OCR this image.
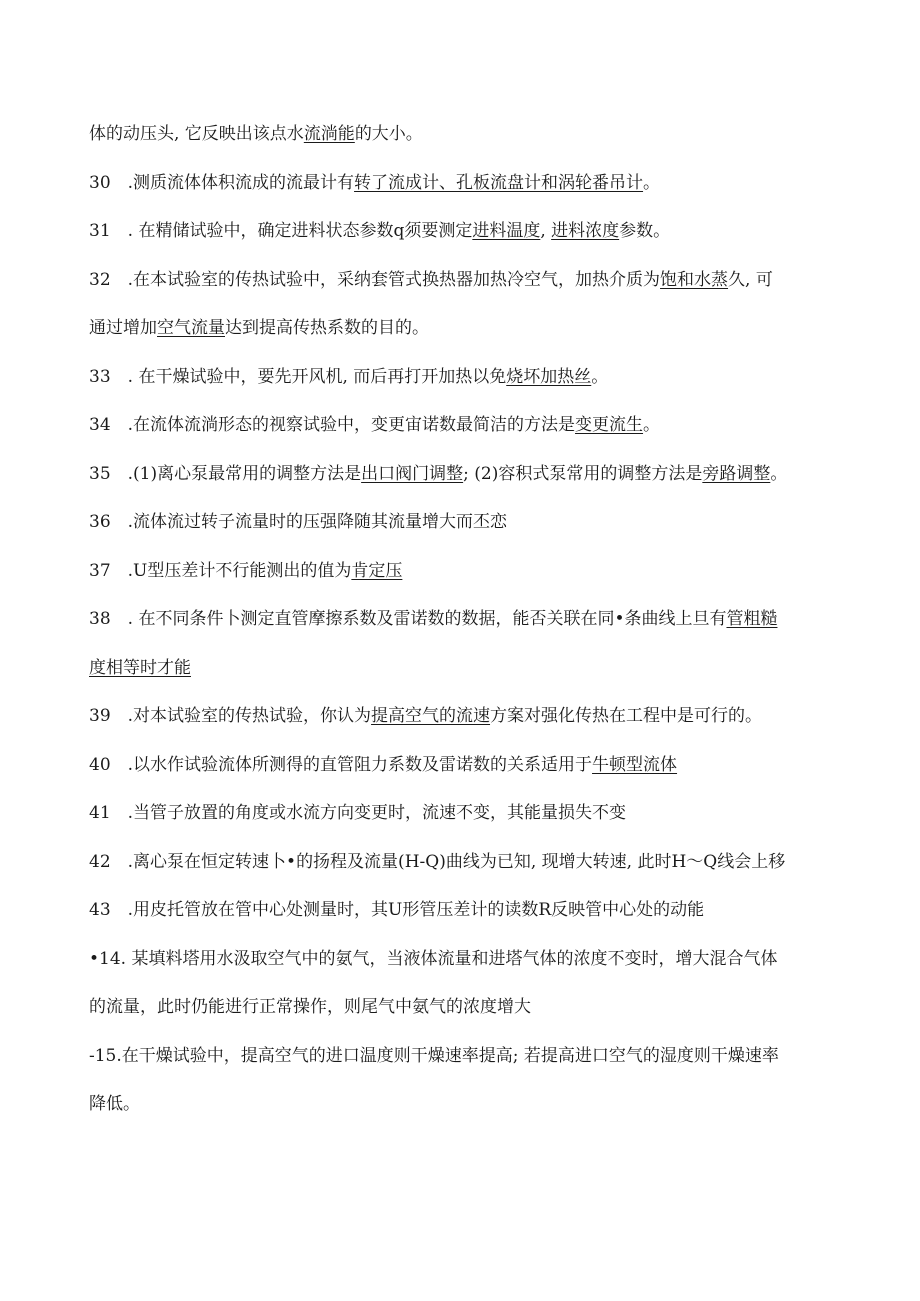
体的动压头, 它反映出该点水流淌能的大小。
30　.测质流体体积流成的流最计有转了流成计、孔板流盘计和涡轮番吊计。
31　. 在精储试验中，确定进料状态参数q须要测定进料温度, 进料浓度参数。
32　.在本试验室的传热试验中，采纳套管式换热器加热冷空气，加热介质为饱和水蒸久, 可
通过增加空气流量达到提高传热系数的目的。
33　. 在干燥试验中，要先开风机, 而后再打开加热以免烧坏加热丝。
34　.在流体流淌形态的视察试验中，变更宙诺数最简洁的方法是变更流生。
35　.(1)离心泵最常用的调整方法是出口阀门调整; (2)容积式泵常用的调整方法是旁路调整。
36　.流体流过转子流量时的压强降随其流量增大而丕恋
37　.U型压差计不行能测出的值为肯定压
38　. 在不同条件卜测定直管摩擦系数及雷诺数的数据，能否关联在同•条曲线上旦有管粗糙
度相等时才能
39　.对本试验室的传热试验，你认为提高空气的流速方案对强化传热在工程中是可行的。
40　.以水作试验流体所测得的直管阻力系数及雷诺数的关系适用于牛顿型流体
41　.当管子放置的角度或水流方向变更时，流速不变，其能量损失不变
42　.离心泵在恒定转速卜•的扬程及流量(H-Q)曲线为已知, 现增大转速, 此时H～Q线会上移
43　.用皮托管放在管中心处测量时，其U形管压差计的读数R反映管中心处的动能
•14. 某填料塔用水汲取空气中的氨气，当液体流量和进塔气体的浓度不变时，增大混合气体
的流量，此时仍能进行正常操作，则尾气中氨气的浓度增大
-15.在干燥试验中，提高空气的进口温度则干燥速率提高; 若提高进口空气的湿度则干燥速率
降低。
